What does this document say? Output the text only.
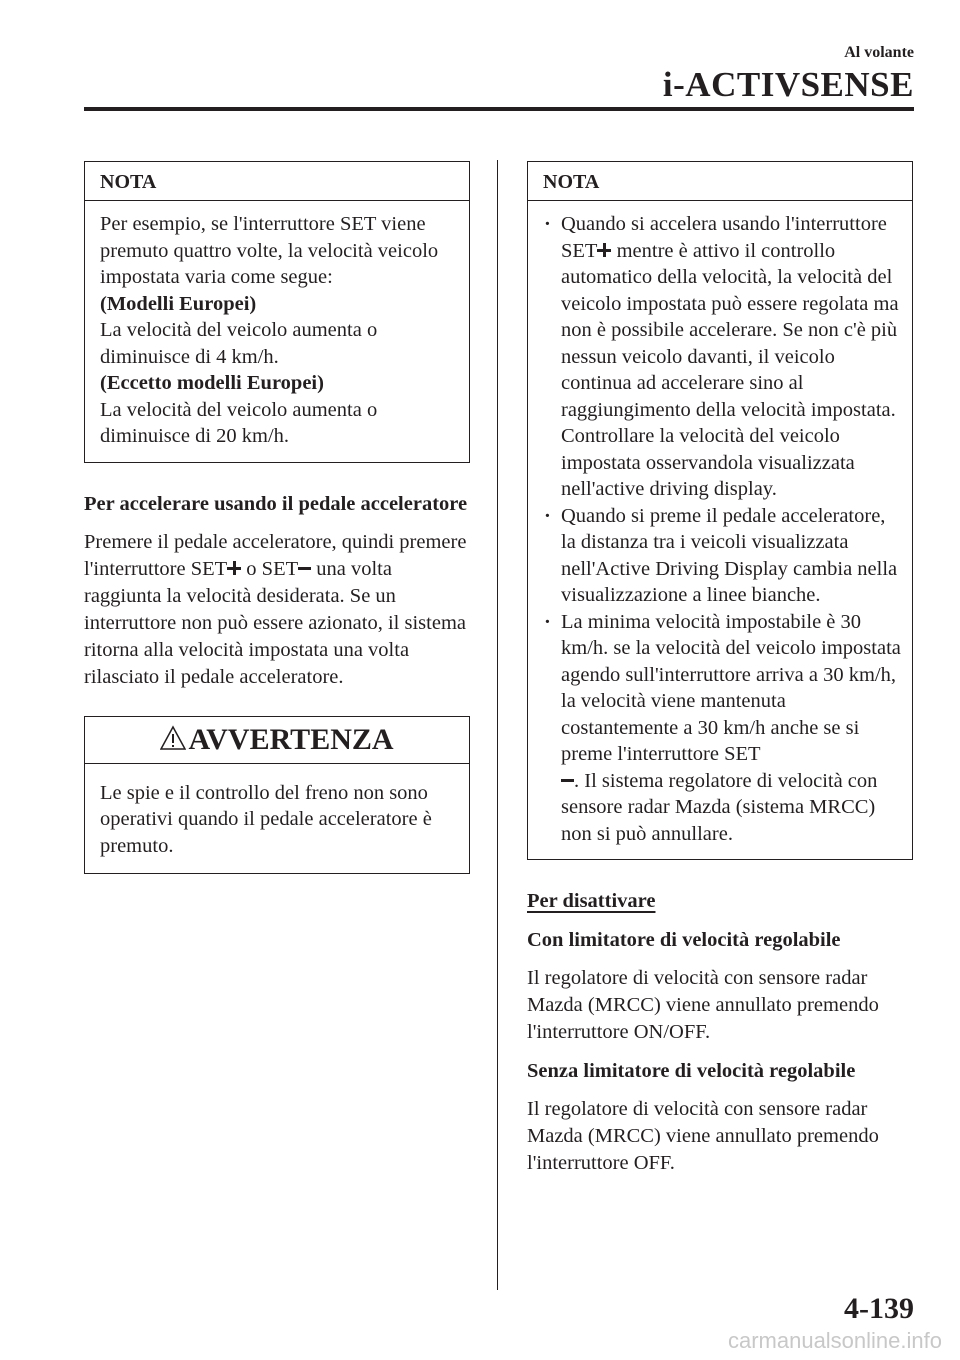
Al volante
i-ACTIVSENSE
NOTA

Per esempio, se l'interruttore SET viene premuto quattro volte, la velocità veicolo impostata varia come segue:

(Modelli Europei)

La velocità del veicolo aumenta o diminuisce di 4 km/h.

(Eccetto modelli Europei)

La velocità del veicolo aumenta o diminuisce di 20 km/h.

Per accelerare usando il pedale acceleratore

Premere il pedale acceleratore, quindi premere l'interruttore SET o SET una volta raggiunta la velocità desiderata. Se un interruttore non può essere azionato, il sistema ritorna alla velocità impostata una volta rilasciato il pedale acceleratore.

AVVERTENZA

Le spie e il controllo del freno non sono operativi quando il pedale acceleratore è premuto.

NOTA
· Quando si accelera usando l'interruttore SET mentre è attivo il controllo automatico della velocità, la velocità del veicolo impostata può essere regolata ma non è possibile accelerare. Se non c'è più nessun veicolo davanti, il veicolo continua ad accelerare sino al raggiungimento della velocità impostata. Controllare la velocità del veicolo impostata osservandola visualizzata nell'active driving display.
· Quando si preme il pedale acceleratore, la distanza tra i veicoli visualizzata nell'Active Driving Display cambia nella visualizzazione a linee bianche.
· La minima velocità impostabile è 30 km/h. se la velocità del veicolo impostata agendo sull'interruttore arriva a 30 km/h, la velocità viene mantenuta costantemente a 30 km/h anche se si preme l'interruttore SET
. Il sistema regolatore di velocità con sensore radar Mazda (sistema MRCC) non si può annullare.
Per disattivare
Con limitatore di velocità regolabile

Il regolatore di velocità con sensore radar Mazda (MRCC) viene annullato premendo l'interruttore ON/OFF.

Senza limitatore di velocità regolabile

Il regolatore di velocità con sensore radar Mazda (MRCC) viene annullato premendo l'interruttore OFF.

4-139
carmanualsonline.info
